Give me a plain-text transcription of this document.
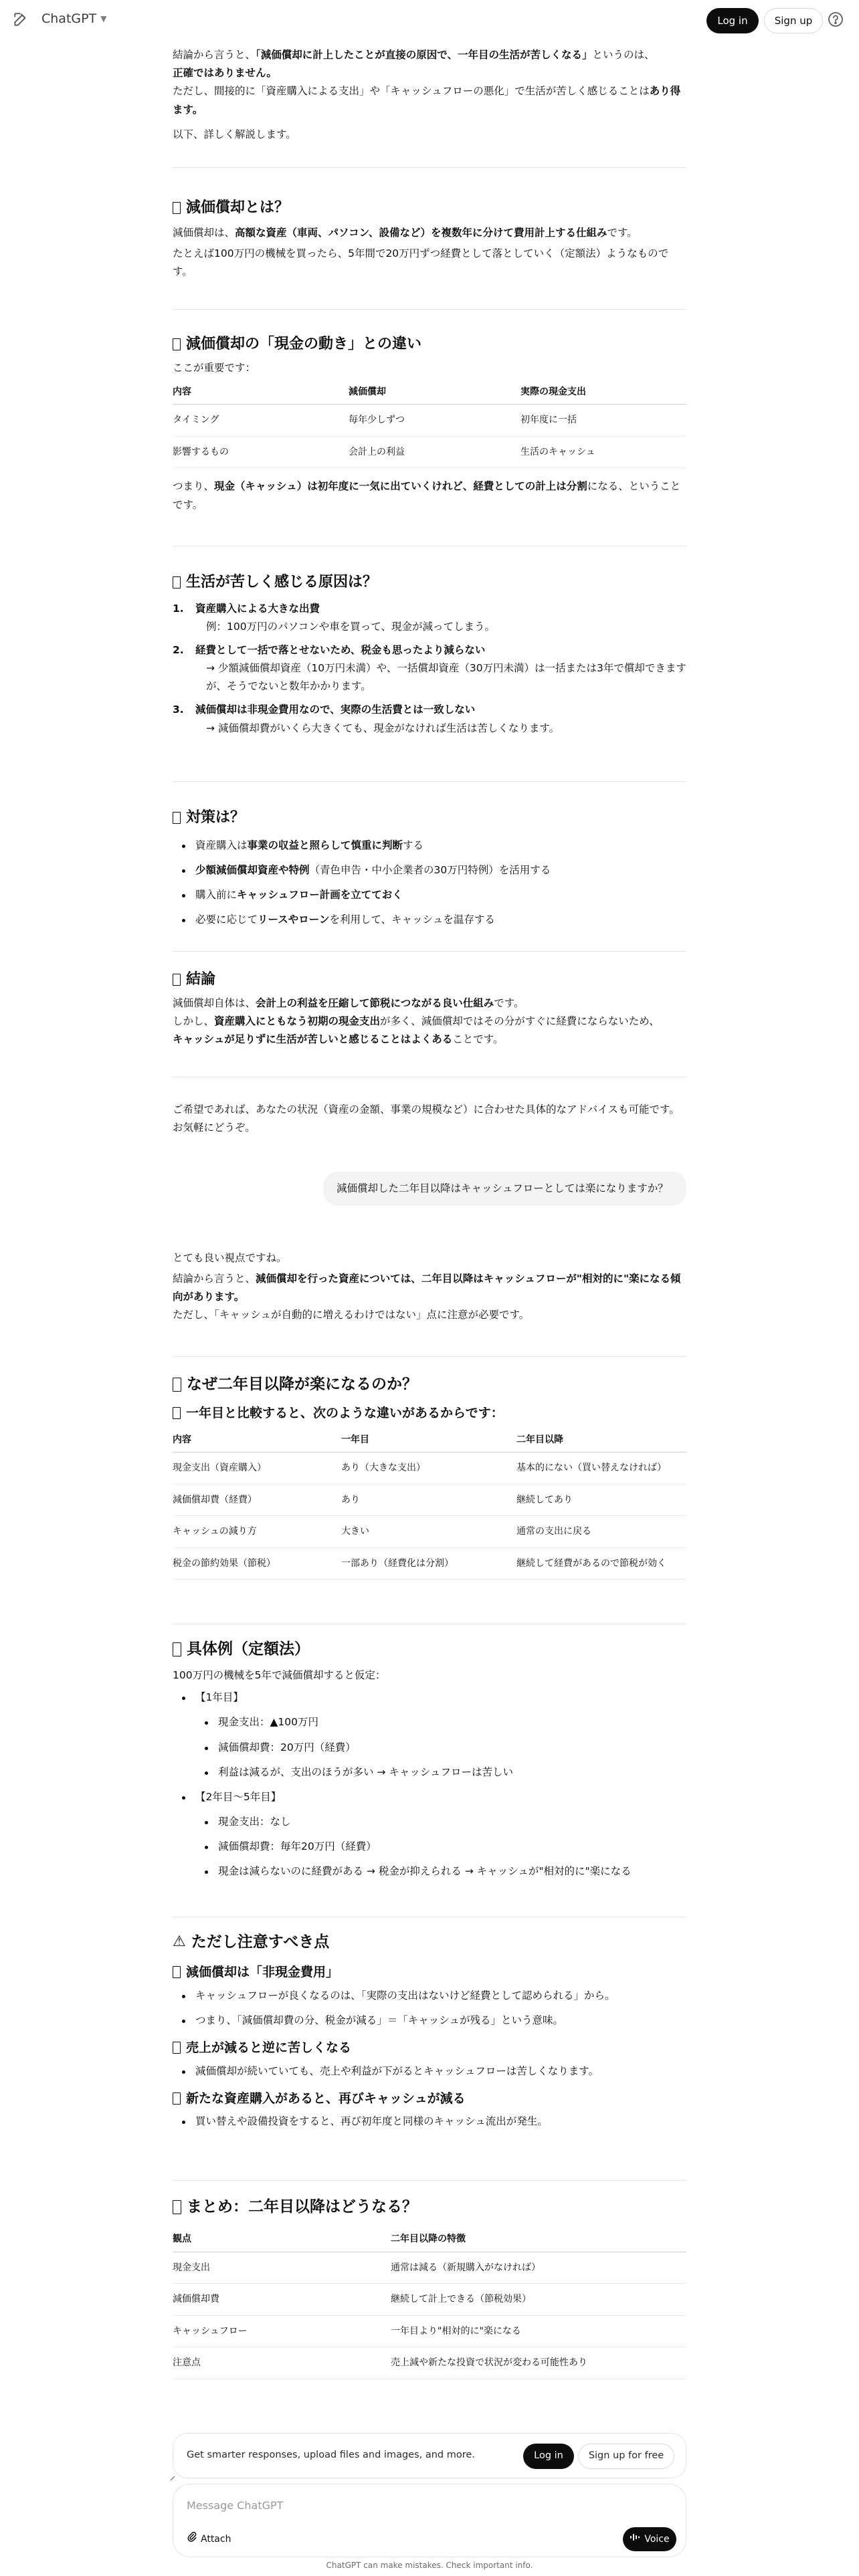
ChatGPT ▼	Log in	Sign up

結論から言うと、「減価償却に計上したことが直接の原因で、一年目の生活が苦しくなる」というのは、
正確ではありません。
ただし、間接的に「資産購入による支出」や「キャッシュフローの悪化」で生活が苦しく感じることはあり得ます。

以下、詳しく解説します。

減価償却とは？

減価償却は、高額な資産（車両、パソコン、設備など）を複数年に分けて費用計上する仕組みです。

たとえば100万円の機械を買ったら、5年間で20万円ずつ経費として落としていく（定額法）ようなものです。

減価償却の「現金の動き」との違い

ここが重要です：

内容	減価償却	実際の現金支出
タイミング	毎年少しずつ	初年度に一括
影響するもの	会計上の利益	生活のキャッシュ

つまり、現金（キャッシュ）は初年度に一気に出ていくけれど、経費としての計上は分割になる、ということです。

生活が苦しく感じる原因は？
1. 資産購入による大きな出費
例：100万円のパソコンや車を買って、現金が減ってしまう。
2. 経費として一括で落とせないため、税金も思ったより減らない
→ 少額減価償却資産（10万円未満）や、一括償却資産（30万円未満）は一括または3年で償却できますが、そうでないと数年かかります。
3. 減価償却は非現金費用なので、実際の生活費とは一致しない
→ 減価償却費がいくら大きくても、現金がなければ生活は苦しくなります。
対策は？
資産購入は事業の収益と照らして慎重に判断する
少額減価償却資産や特例（青色申告・中小企業者の30万円特例）を活用する
購入前にキャッシュフロー計画を立てておく
必要に応じてリースやローンを利用して、キャッシュを温存する
結論

減価償却自体は、会計上の利益を圧縮して節税につながる良い仕組みです。
しかし、資産購入にともなう初期の現金支出が多く、減価償却ではその分がすぐに経費にならないため、
キャッシュが足りずに生活が苦しいと感じることはよくあることです。

ご希望であれば、あなたの状況（資産の金額、事業の規模など）に合わせた具体的なアドバイスも可能です。お気軽にどうぞ。

減価償却した二年目以降はキャッシュフローとしては楽になりますか？

とても良い視点ですね。

結論から言うと、減価償却を行った資産については、二年目以降はキャッシュフローが"相対的に"楽になる傾向があります。
ただし、「キャッシュが自動的に増えるわけではない」点に注意が必要です。

なぜ二年目以降が楽になるのか？
一年目と比較すると、次のような違いがあるからです：
内容	一年目	二年目以降
現金支出（資産購入）	あり（大きな支出）	基本的にない（買い替えなければ）
減価償却費（経費）	あり	継続してあり
キャッシュの減り方	大きい	通常の支出に戻る
税金の節約効果（節税）	一部あり（経費化は分割）	継続して経費があるので節税が効く
具体例（定額法）

100万円の機械を5年で減価償却すると仮定：

【1年目】
現金支出：▲100万円
減価償却費：20万円（経費）
利益は減るが、支出のほうが多い → キャッシュフローは苦しい
【2年目〜5年目】
現金支出：なし
減価償却費：毎年20万円（経費）
現金は減らないのに経費がある → 税金が抑えられる → キャッシュが"相対的に"楽になる
⚠ ただし注意すべき点
減価償却は「非現金費用」
キャッシュフローが良くなるのは、「実際の支出はないけど経費として認められる」から。
つまり、「減価償却費の分、税金が減る」＝「キャッシュが残る」という意味。
売上が減ると逆に苦しくなる
減価償却が続いていても、売上や利益が下がるとキャッシュフローは苦しくなります。
新たな資産購入があると、再びキャッシュが減る
買い替えや設備投資をすると、再び初年度と同様のキャッシュ流出が発生。
まとめ：二年目以降はどうなる？
観点	二年目以降の特徴
現金支出	通常は減る（新規購入がなければ）
減価償却費	継続して計上できる（節税効果）
キャッシュフロー	一年目より"相対的に"楽になる
注意点	売上減や新たな投資で状況が変わる可能性あり
Get smarter responses, upload files and images, and more.	Log in	Sign up for free
Message ChatGPT
Attach	Voice
ChatGPT can make mistakes. Check important info.
